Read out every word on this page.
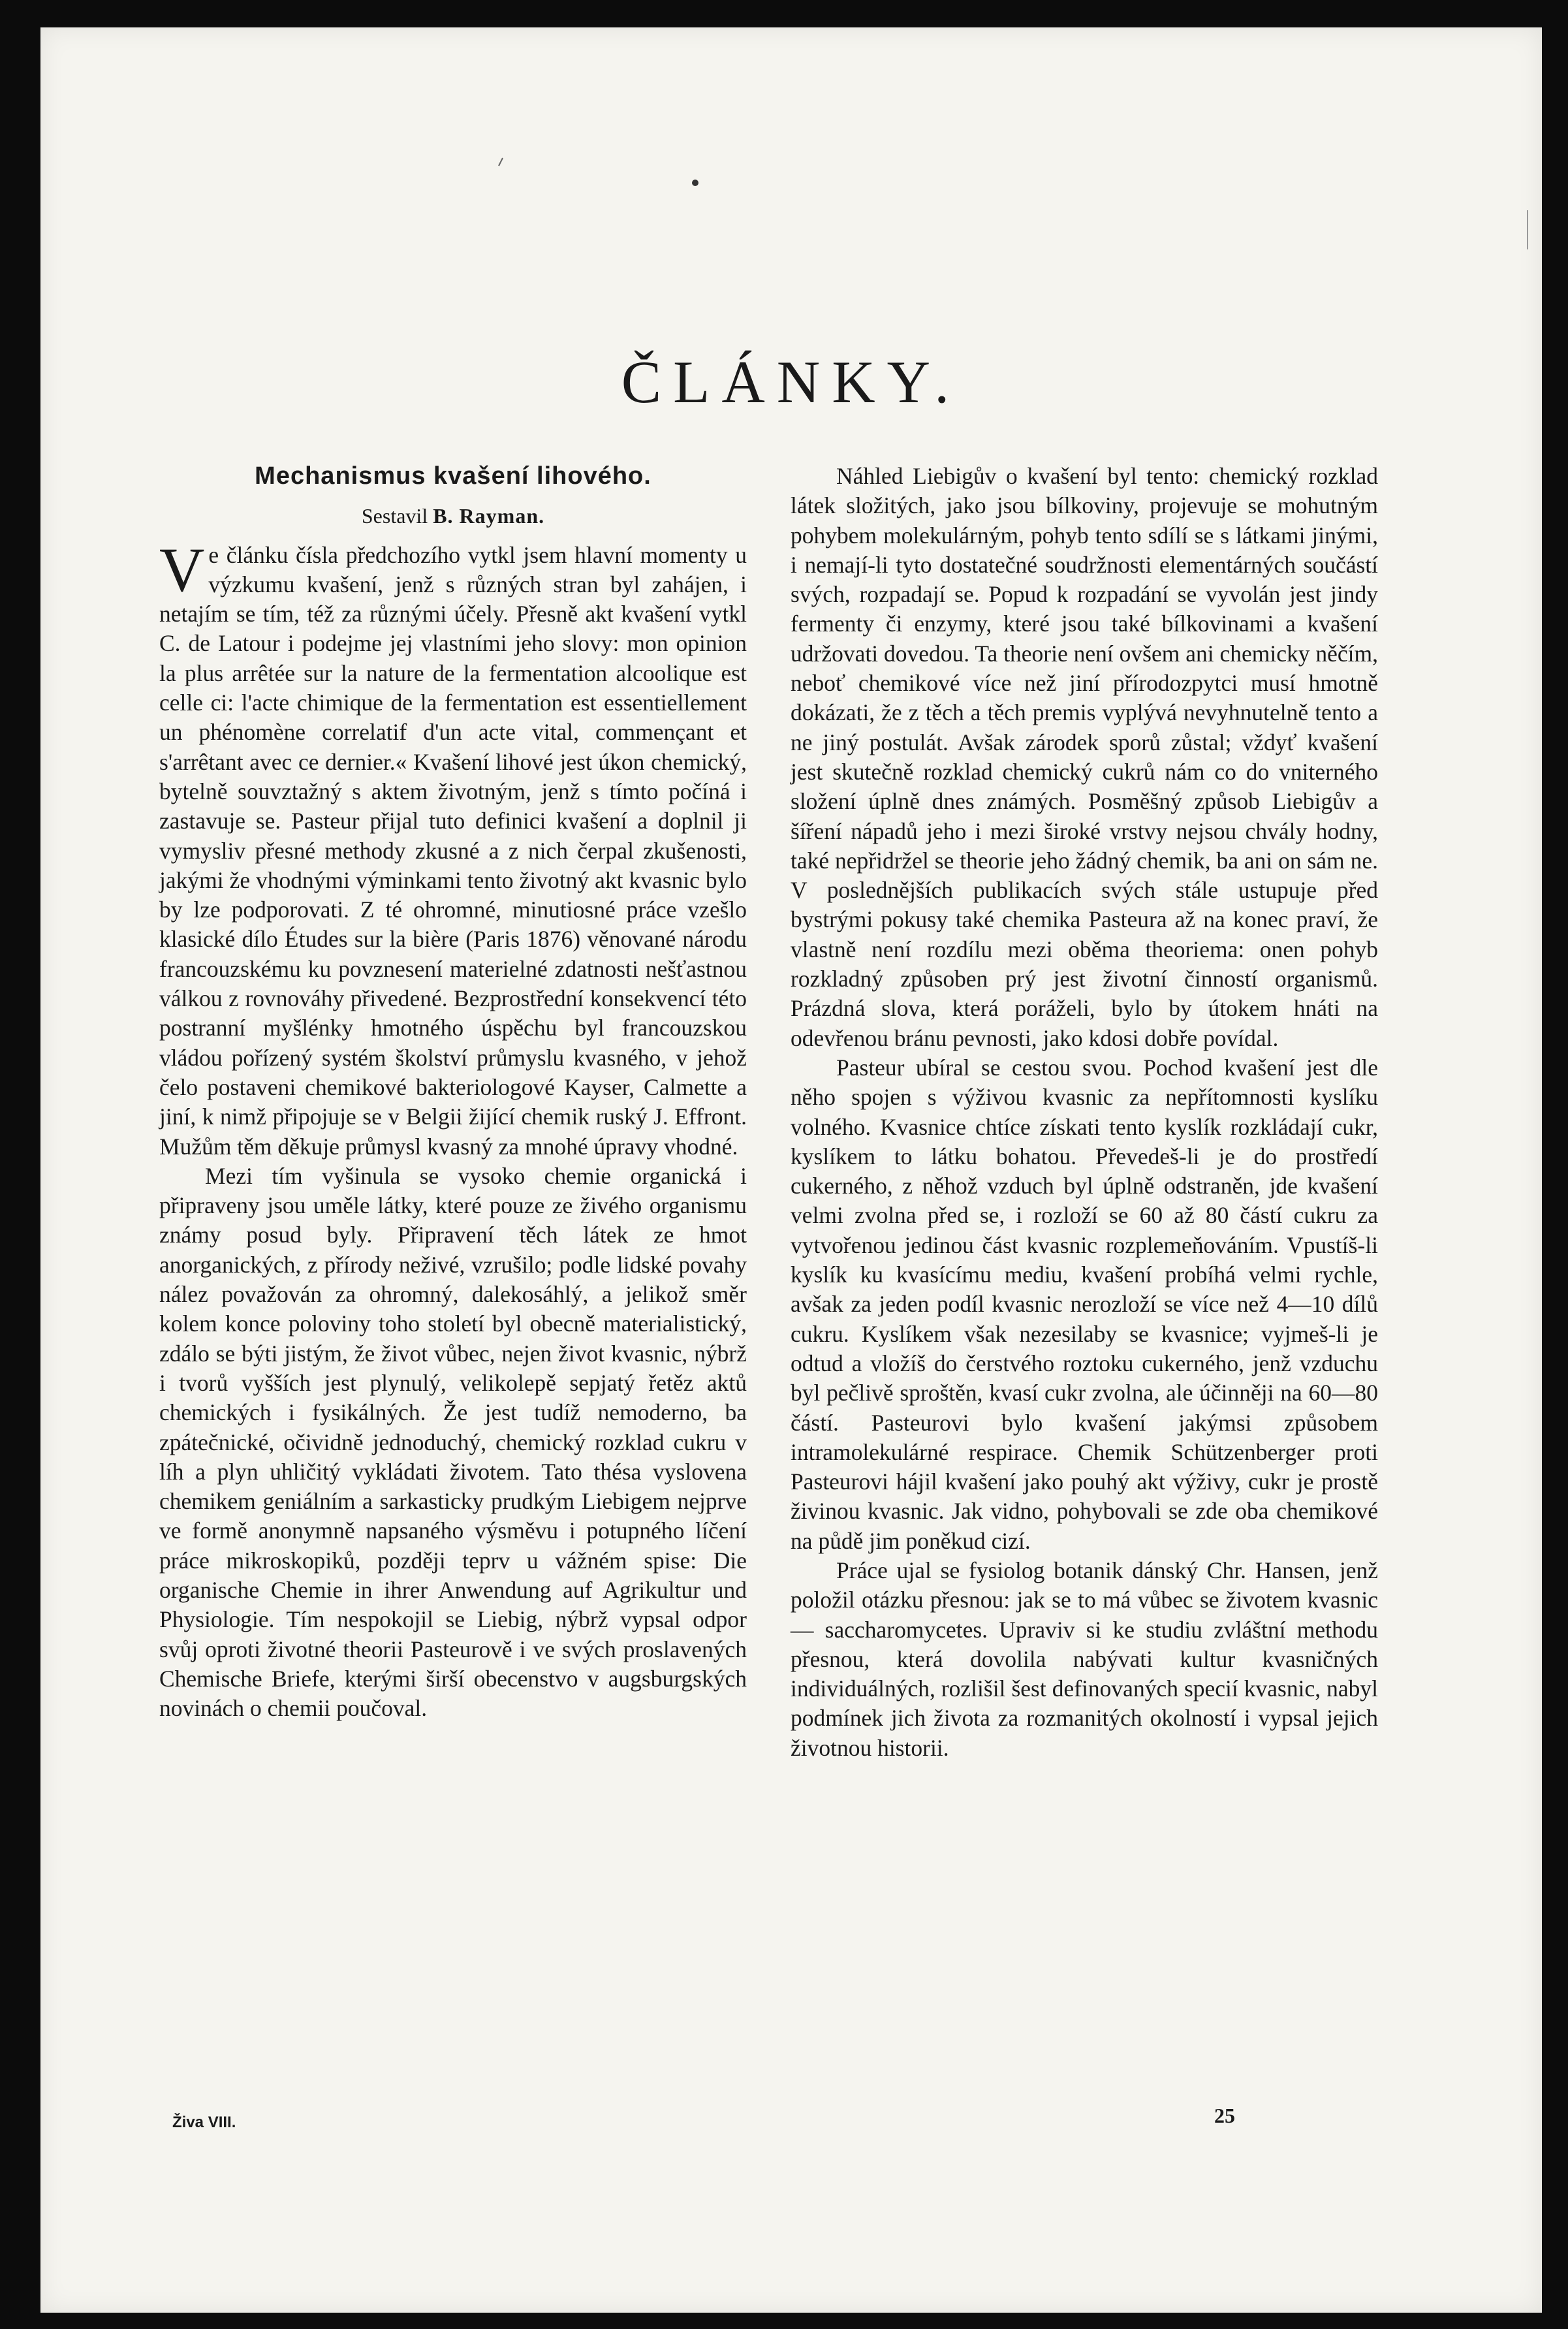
ČLÁNKY.
Mechanismus kvašení lihového.
Sestavil B. Rayman.

V e článku čísla předchozího vytkl jsem hlavní momenty u výzkumu kvašení, jenž s různých stran byl zahájen, i netajím se tím, též za různými účely. Přesně akt kvašení vytkl C. de Latour i podejme jej vlastními jeho slovy: mon opinion la plus arrêtée sur la nature de la fermentation alcoolique est celle ci: l'acte chimique de la fermentation est essentiellement un phénomène correlatif d'un acte vital, commençant et s'arrêtant avec ce dernier.« Kvašení lihové jest úkon chemický, bytelně souvztažný s aktem životným, jenž s tímto počíná i zastavuje se. Pasteur přijal tuto definici kvašení a doplnil ji vymysliv přesné methody zkusné a z nich čerpal zkušenosti, jakými že vhodnými výminkami tento životný akt kvasnic bylo by lze podporovati. Z té ohromné, minutiosné práce vzešlo klasické dílo Études sur la bière (Paris 1876) věnované národu francouzskému ku povznesení materielné zdatnosti nešťastnou válkou z rovnováhy přivedené. Bezprostřední konsekvencí této postranní myšlénky hmotného úspěchu byl francouzskou vládou pořízený systém školství průmyslu kvasného, v jehož čelo postaveni chemikové bakteriologové Kayser, Calmette a jiní, k nimž připojuje se v Belgii žijící chemik ruský J. Effront. Mužům těm děkuje průmysl kvasný za mnohé úpravy vhodné.

Mezi tím vyšinula se vysoko chemie organická i připraveny jsou uměle látky, které pouze ze živého organismu známy posud byly. Připravení těch látek ze hmot anorganických, z přírody neživé, vzrušilo; podle lidské povahy nález považován za ohromný, dalekosáhlý, a jelikož směr kolem konce poloviny toho století byl obecně materialistický, zdálo se býti jistým, že život vůbec, nejen život kvasnic, nýbrž i tvorů vyšších jest plynulý, velikolepě sepjatý řetěz aktů chemických i fysikálných. Že jest tudíž nemoderno, ba zpátečnické, očividně jednoduchý, chemický rozklad cukru v líh a plyn uhličitý vykládati životem. Tato thésa vyslovena chemikem geniálním a sarkasticky prudkým Liebigem nejprve ve formě anonymně napsaného výsměvu i potupného líčení práce mikroskopiků, později teprv u vážném spise: Die organische Chemie in ihrer Anwendung auf Agrikultur und Physiologie. Tím nespokojil se Liebig, nýbrž vypsal odpor svůj oproti životné theorii Pasteurově i ve svých proslavených Chemische Briefe, kterými širší obecenstvo v augsburgských novinách o chemii poučoval.

Náhled Liebigův o kvašení byl tento: chemický rozklad látek složitých, jako jsou bílkoviny, projevuje se mohutným pohybem molekulárným, pohyb tento sdílí se s látkami jinými, i nemají-li tyto dostatečné soudržnosti elementárných součástí svých, rozpadají se. Popud k rozpadání se vyvolán jest jindy fermenty či enzymy, které jsou také bílkovinami a kvašení udržovati dovedou. Ta theorie není ovšem ani chemicky něčím, neboť chemikové více než jiní přírodozpytci musí hmotně dokázati, že z těch a těch premis vyplývá nevyhnutelně tento a ne jiný postulát. Avšak zárodek sporů zůstal; vždyť kvašení jest skutečně rozklad chemický cukrů nám co do vniterného složení úplně dnes známých. Posměšný způsob Liebigův a šíření nápadů jeho i mezi široké vrstvy nejsou chvály hodny, také nepřidržel se theorie jeho žádný chemik, ba ani on sám ne. V poslednějších publikacích svých stále ustupuje před bystrými pokusy také chemika Pasteura až na konec praví, že vlastně není rozdílu mezi oběma theoriema: onen pohyb rozkladný způsoben prý jest životní činností organismů. Prázdná slova, která poráželi, bylo by útokem hnáti na odevřenou bránu pevnosti, jako kdosi dobře povídal.

Pasteur ubíral se cestou svou. Pochod kvašení jest dle něho spojen s výživou kvasnic za nepřítomnosti kyslíku volného. Kvasnice chtíce získati tento kyslík rozkládají cukr, kyslíkem to látku bohatou. Převedeš-li je do prostředí cukerného, z něhož vzduch byl úplně odstraněn, jde kvašení velmi zvolna před se, i rozloží se 60 až 80 částí cukru za vytvořenou jedinou část kvasnic rozplemeňováním. Vpustíš-li kyslík ku kvasícímu mediu, kvašení probíhá velmi rychle, avšak za jeden podíl kvasnic nerozloží se více než 4—10 dílů cukru. Kyslíkem však nezesilaby se kvasnice; vyjmeš-li je odtud a vložíš do čerstvého roztoku cukerného, jenž vzduchu byl pečlivě sproštěn, kvasí cukr zvolna, ale účinněji na 60—80 částí. Pasteurovi bylo kvašení jakýmsi způsobem intramolekulárné respirace. Chemik Schützenberger proti Pasteurovi hájil kvašení jako pouhý akt výživy, cukr je prostě živinou kvasnic. Jak vidno, pohybovali se zde oba chemikové na půdě jim poněkud cizí.

Práce ujal se fysiolog botanik dánský Chr. Hansen, jenž položil otázku přesnou: jak se to má vůbec se životem kvasnic — saccharomycetes. Upraviv si ke studiu zvláštní methodu přesnou, která dovolila nabývati kultur kvasničných individuálných, rozlišil šest definovaných specií kvasnic, nabyl podmínek jich života za rozmanitých okolností i vypsal jejich životnou historii.

Živa VIII.	25
